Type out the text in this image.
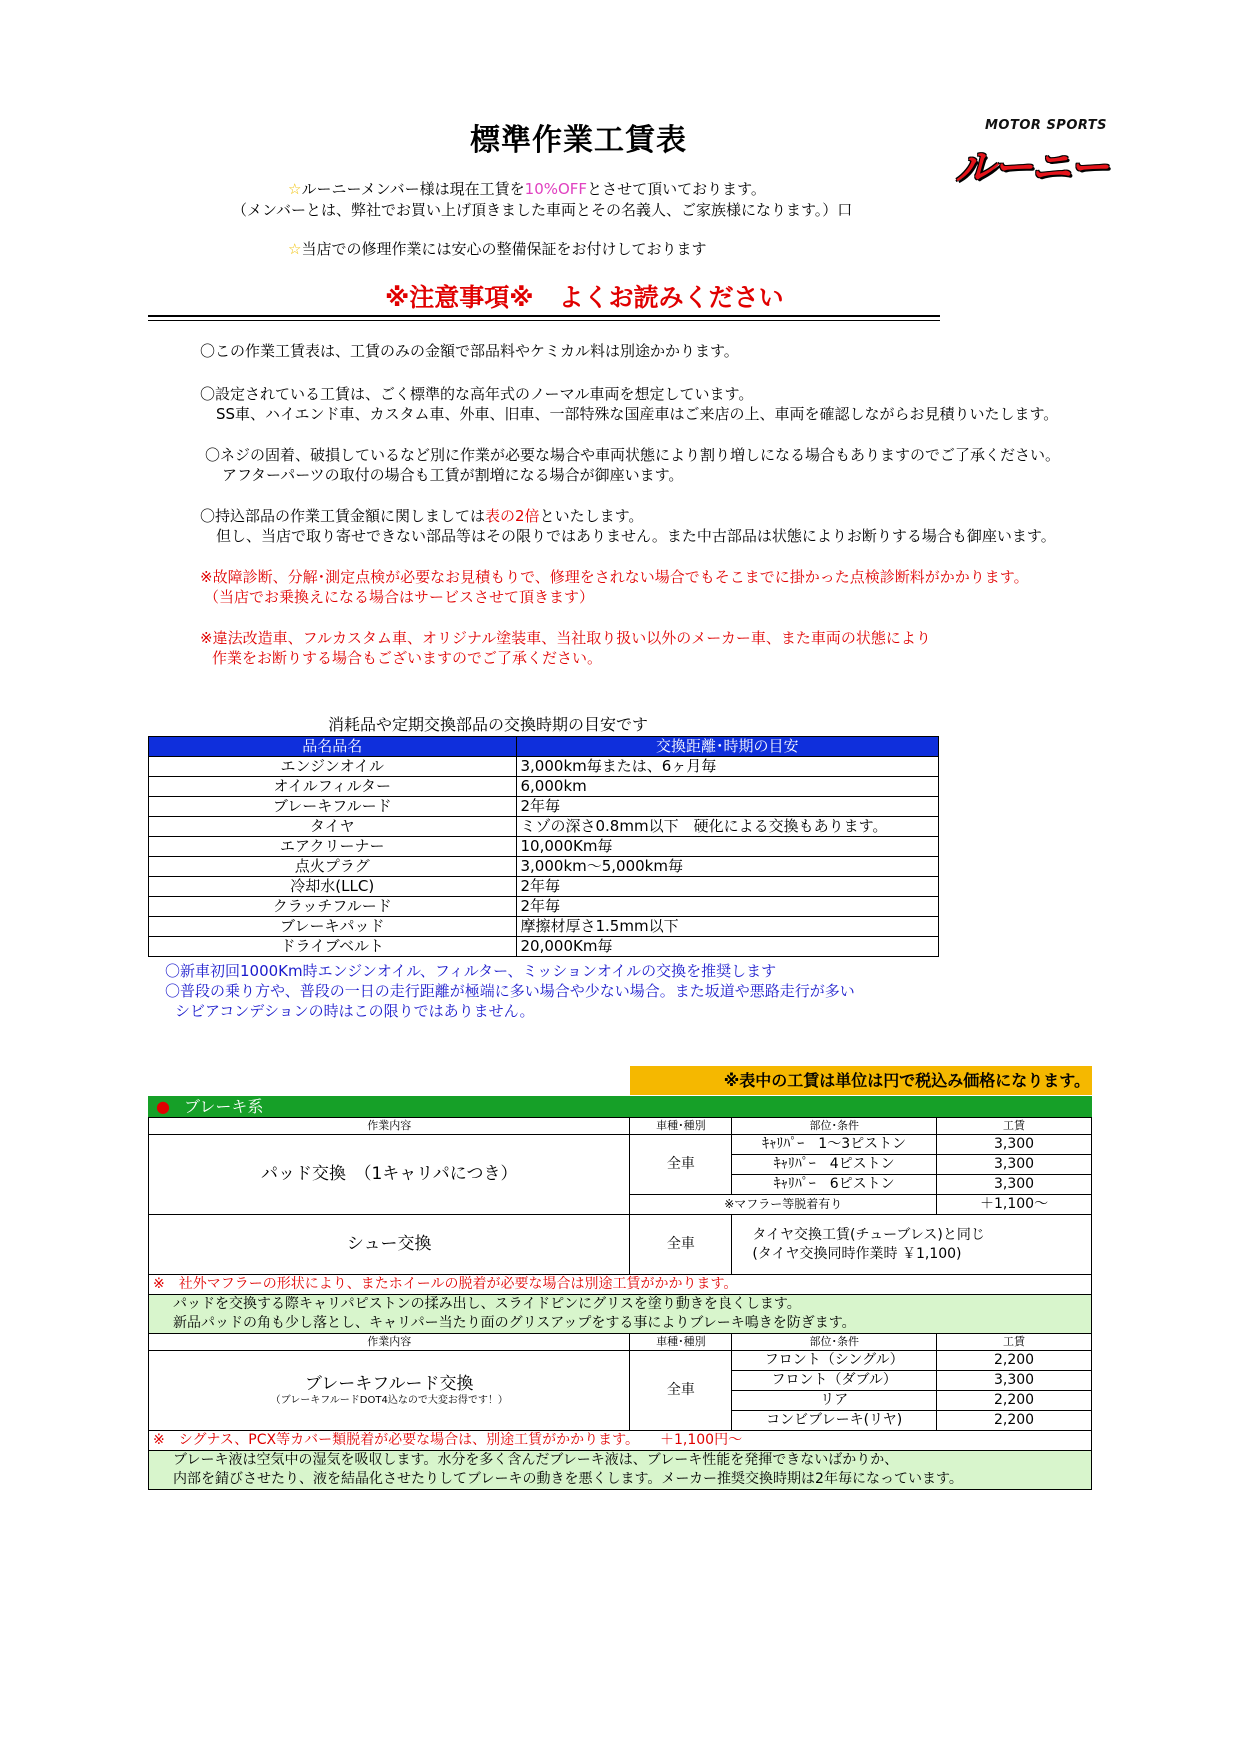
標準作業工賃表	MOTOR SPORTS
ルーニー
☆ルーニーメンバー様は現在工賃を10%OFFとさせて頂いております。
（メンバーとは、弊社でお買い上げ頂きました車両とその名義人、ご家族様になります。）口
☆当店での修理作業には安心の整備保証をお付けしております
※注意事項※　よくお読みください
〇この作業工賃表は、工賃のみの金額で部品料やケミカル料は別途かかります。
〇設定されている工賃は、ごく標準的な高年式のノーマル車両を想定しています。
SS車、ハイエンド車、カスタム車、外車、旧車、一部特殊な国産車はご来店の上、車両を確認しながらお見積りいたします。
〇ネジの固着、破損しているなど別に作業が必要な場合や車両状態により割り増しになる場合もありますのでご了承ください。
アフターパーツの取付の場合も工賃が割増になる場合が御座います。
〇持込部品の作業工賃金額に関しましては表の2倍といたします。
但し、当店で取り寄せできない部品等はその限りではありません。また中古部品は状態によりお断りする場合も御座います。
※故障診断、分解･測定点検が必要なお見積もりで、修理をされない場合でもそこまでに掛かった点検診断料がかかります。
（当店でお乗換えになる場合はサービスさせて頂きます）
※違法改造車、フルカスタム車、オリジナル塗装車、当社取り扱い以外のメーカー車、また車両の状態により
作業をお断りする場合もございますのでご了承ください。
消耗品や定期交換部品の交換時期の目安です
品名品名	交換距離･時期の目安
エンジンオイル	3,000km毎または、6ヶ月毎
オイルフィルター	6,000km
ブレーキフルード	2年毎
タイヤ	ミゾの深さ0.8mm以下　硬化による交換もあります。
エアクリーナー	10,000Km毎
点火プラグ	3,000km～5,000km毎
冷却水(LLC)	2年毎
クラッチフルード	2年毎
ブレーキパッド	摩擦材厚さ1.5mm以下
ドライブベルト	20,000Km毎
〇新車初回1000Km時エンジンオイル、フィルター、ミッションオイルの交換を推奨します
〇普段の乗り方や、普段の一日の走行距離が極端に多い場合や少ない場合。また坂道や悪路走行が多い
シビアコンデションの時はこの限りではありません。
※表中の工賃は単位は円で税込み価格になります。
● ブレーキ系
作業内容	車種･種別	部位･条件	工賃
パッド交換　（1キャリパにつき）	全車	ｷｬﾘﾊﾟｰ　1～3ピストン	3,300
		ｷｬﾘﾊﾟｰ　4ピストン	3,300
		ｷｬﾘﾊﾟｰ　6ピストン	3,300
	※マフラー等脱着有り		＋1,100～
シュー交換	全車	タイヤ交換工賃(チューブレス)と同じ
(タイヤ交換同時作業時 ￥1,100)	

※　社外マフラーの形状により、またホイールの脱着が必要な場合は別途工賃がかかります。			

パッドを交換する際キャリパピストンの揉み出し、スライドピンにグリスを塗り動きを良くします。
新品パッドの角も少し落とし、キャリパー当たり面のグリスアップをする事によりブレーキ鳴きを防ぎます。			

作業内容	車種･種別	部位･条件	工賃

ブレーキフルード交換
（ブレーキフルードDOT4込なので大変お得です！）	全車	フロント（シングル）	2,200
		フロント（ダブル）	3,300
		リア	2,200
		コンビブレーキ(リヤ)	2,200
※　シグナス、PCX等カバー類脱着が必要な場合は、別途工賃がかかります。　　＋1,100円～			

ブレーキ液は空気中の湿気を吸収します。水分を多く含んだブレーキ液は、ブレーキ性能を発揮できないばかりか、
内部を錆びさせたり、液を結晶化させたりしてブレーキの動きを悪くします。メーカー推奨交換時期は2年毎になっています。			
